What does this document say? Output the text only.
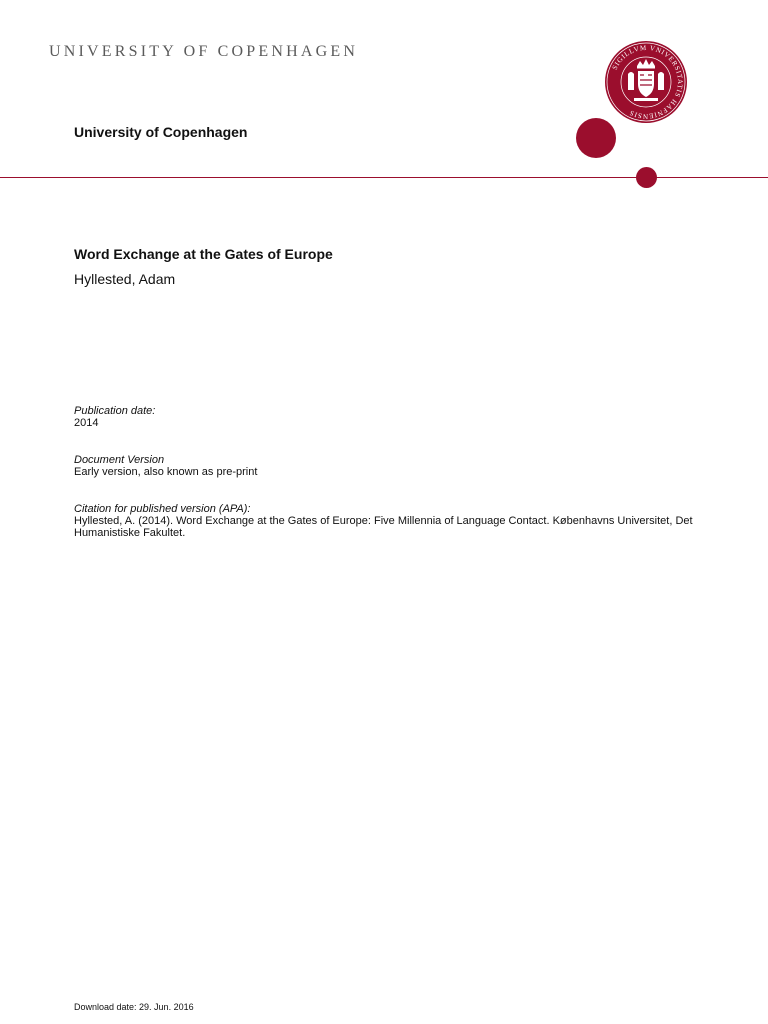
UNIVERSITY OF COPENHAGEN
SIGILLVM VNIVERSITATIS HAFNIENSIS
University of Copenhagen
Word Exchange at the Gates of Europe
Hyllested, Adam
Publication date:
2014
Document Version
Early version, also known as pre-print
Citation for published version (APA):
Hyllested, A. (2014). Word Exchange at the Gates of Europe: Five Millennia of Language Contact. Københavns Universitet, Det Humanistiske Fakultet.
Download date: 29. Jun. 2016
